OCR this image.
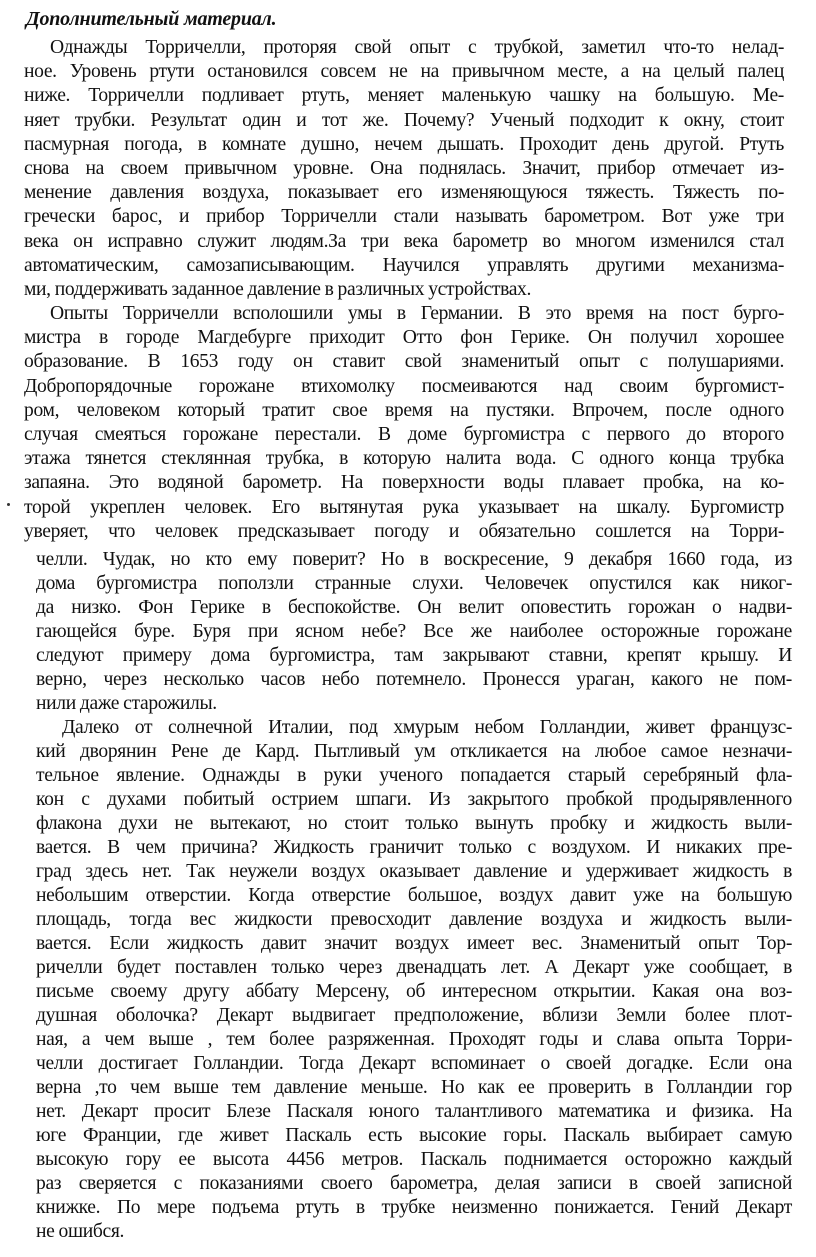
Дополнительный материал.
Однажды Торричелли, протоpяя свой опыт с трубкой, заметил что-то нелад-
ное. Уровень ртути остановился совсем не на привычном месте, а на целый палец
ниже. Торричелли подливает ртуть, меняет маленькую чашку на большую. Ме-
няет трубки. Результат один и тот же. Почему? Ученый подходит к окну, стоит
пасмурная погода, в комнате душно, нечем дышать. Проходит день другой. Ртуть
снова на своем привычном уровне. Она поднялась. Значит, прибор отмечает из-
менение давления воздуха, показывает его изменяющуюся тяжесть. Тяжесть по-
гречески барос, и прибор Торричелли стали называть барометром. Вот уже три
века он исправно служит людям.За три века барометр во многом изменился стал
автоматическим, самозаписывающим. Научился управлять другими механизма-
ми, поддерживать заданное давление в различных устройствах.
Опыты Торричелли всполошили умы в Германии. В это время на пост бурго-
мистра в городе Магдебурге приходит Отто фон Герике. Он получил хорошее
образование. В 1653 году он ставит свой знаменитый опыт с полушариями.
Добропорядочные горожане втихомолку посмеиваются над своим бургомист-
ром, человеком который тратит свое время на пустяки. Впрочем, после одного
случая смеяться горожане перестали. В доме бургомистра с первого до второго
этажа тянется стеклянная трубка, в которую налита вода. С одного конца трубка
запаяна. Это водяной барометр. На поверхности воды плавает пробка, на ко-
торой укреплен человек. Его вытянутая рука указывает на шкалу. Бургомистр
уверяет, что человек предсказывает погоду и обязательно сошлется на Торри-
челли. Чудак, но кто ему поверит? Но в воскресение, 9 декабря 1660 года, из
дома бургомистра поползли странные слухи. Человечек опустился как никог-
да низко. Фон Герике в беспокойстве. Он велит оповестить горожан о надви-
гающейся буре. Буря при ясном небе? Все же наиболее осторожные горожане
следуют примеру дома бургомистра, там закрывают ставни, крепят крышу. И
верно, через несколько часов небо потемнело. Пронесся ураган, какого не пом-
нили даже старожилы.
Далеко от солнечной Италии, под хмурым небом Голландии, живет французс-
кий дворянин Рене де Кард. Пытливый ум откликается на любое самое незначи-
тельное явление. Однажды в руки ученого попадается старый серебряный фла-
кон с духами побитый острием шпаги. Из закрытого пробкой продырявленного
флакона духи не вытекают, но стоит только вынуть пробку и жидкость выли-
вается. В чем причина? Жидкость граничит только с воздухом. И никаких пре-
град здесь нет. Так неужели воздух оказывает давление и удерживает жидкость в
небольшим отверстии. Когда отверстие большое, воздух давит уже на большую
площадь, тогда вес жидкости превосходит давление воздуха и жидкость выли-
вается. Если жидкость давит значит воздух имеет вес. Знаменитый опыт Тор-
ричелли будет поставлен только через двенадцать лет. А Декарт уже сообщает, в
письме своему другу аббату Мерсену, об интересном открытии. Какая она воз-
душная оболочка? Декарт выдвигает предположение, вблизи Земли более плот-
ная, а чем выше , тем более разряженная. Проходят годы и слава опыта Торри-
челли достигает Голландии. Тогда Декарт вспоминает о своей догадке. Если она
верна ,то чем выше тем давление меньше. Но как ее проверить в Голландии гор
нет. Декарт просит Блезе Паскаля юного талантливого математика и физика. На
юге Франции, где живет Паскаль есть высокие горы. Паскаль выбирает самую
высокую гору ее высота 4456 метров. Паскаль поднимается осторожно каждый
раз сверяется с показаниями своего барометра, делая записи в своей записной
книжке. По мере подъема ртуть в трубке неизменно понижается. Гений Декарт
не ошибся.
